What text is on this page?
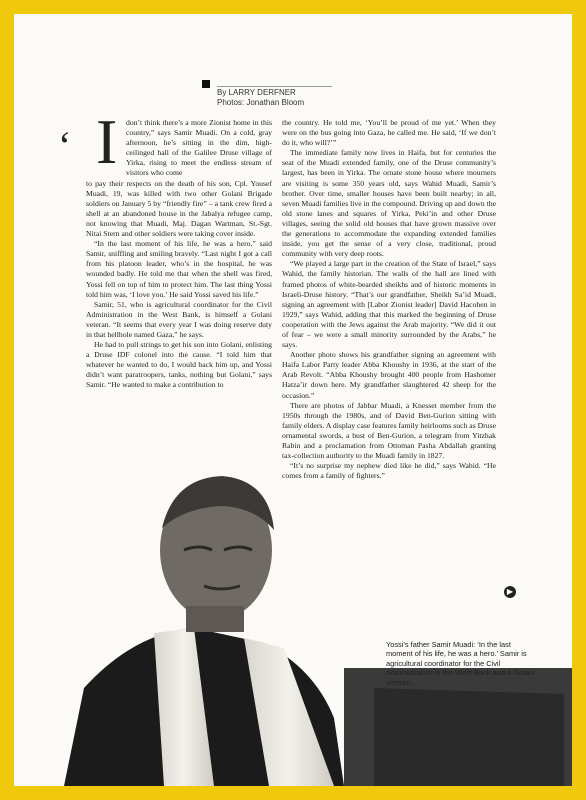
By LARRY DERFNER
Photos: Jonathan Bloom
‘ I don’t think there’s a more Zionist home in this country,” says Samir Muadi. On a cold, gray afternoon, he’s sitting in the dim, high-ceilinged hall of the Galilee Druse village of Yirka, rising to meet the endless stream of visitors who come

to pay their respects on the death of his son, Cpl. Yousef Muadi, 19, was killed with two other Golani Brigade soldiers on January 5 by “friendly fire” – a tank crew fired a shell at an abandoned house in the Jabalya refugee camp, not knowing that Muadi, Maj. Dagan Wartman, St.-Sgt. Nitai Stern and other soldiers were taking cover inside.

“In the last moment of his life, he was a hero,” said Samir, sniffling and smiling bravely. “Last night I got a call from his platoon leader, who’s in the hospital, he was wounded badly. He told me that when the shell was fired, Yossi fell on top of him to protect him. The last thing Yossi told him was, ‘I love you.’ He said Yossi saved his life.”

Samir, 51, who is agricultural coordinator for the Civil Administration in the West Bank, is himself a Golani veteran. “It seems that every year I was doing reserve duty in that hellhole named Gaza,” he says.

He had to pull strings to get his son into Golani, enlisting a Druse IDF colonel into the cause. “I told him that whatever he wanted to do, I would back him up, and Yossi didn’t want paratroopers, tanks, nothing but Golani,” says Samir. “He wanted to make a contribution to

the country. He told me, ‘You’ll be proud of me yet.’ When they were on the bus going into Gaza, he called me. He said, ‘If we don’t do it, who will?’”

The immediate family now lives in Haifa, but for centuries the seat of the Muadi extended family, one of the Druse community’s largest, has been in Yirka. The ornate stone house where mourners are visiting is some 350 years old, says Wahid Muadi, Samir’s brother. Over time, smaller houses have been built nearby; in all, seven Muadi families live in the compound. Driving up and down the old stone lanes and squares of Yirka, Peki’in and other Druse villages, seeing the solid old houses that have grown massive over the generations to accommodate the expanding extended families inside, you get the sense of a very close, traditional, proud community with very deep roots.

“We played a large part in the creation of the State of Israel,” says Wahid, the family historian. The walls of the hall are lined with framed photos of white-bearded sheikhs and of historic moments in Israeli-Druse history. “That’s our grandfather, Sheikh Sa’id Muadi, signing an agreement with [Labor Zionist leader] David Hacohen in 1929,” says Wahid, adding that this marked the beginning of Druse cooperation with the Jews against the Arab majority. “We did it out of fear – we were a small minority surrounded by the Arabs,” he says.

Another photo shows his grandfather signing an agreement with Haifa Labor Party leader Abba Khoushy in 1936, at the start of the Arab Revolt. “Abba Khoushy brought 400 people from Hashomer Hatza’ir down here. My grandfather slaughtered 42 sheep for the occasion.”

There are photos of Jabbar Muadi, a Knesset member from the 1950s through the 1980s, and of David Ben-Gurion sitting with family elders. A display case features family heirlooms such as Druse ornamental swords, a bust of Ben-Gurion, a telegram from Yitzhak Rabin and a proclamation from Ottoman Pasha Abdallah granting tax-collection authority to the Muadi family in 1827.

“It’s no surprise my nephew died like he did,” says Wahid. “He comes from a family of fighters.”

▶
Yossi’s father Samir Muadi: ‘In the last moment of his life, he was a hero.’ Samir is agricultural coordinator for the Civil Administration in the West Bank and a Golani veteran.
